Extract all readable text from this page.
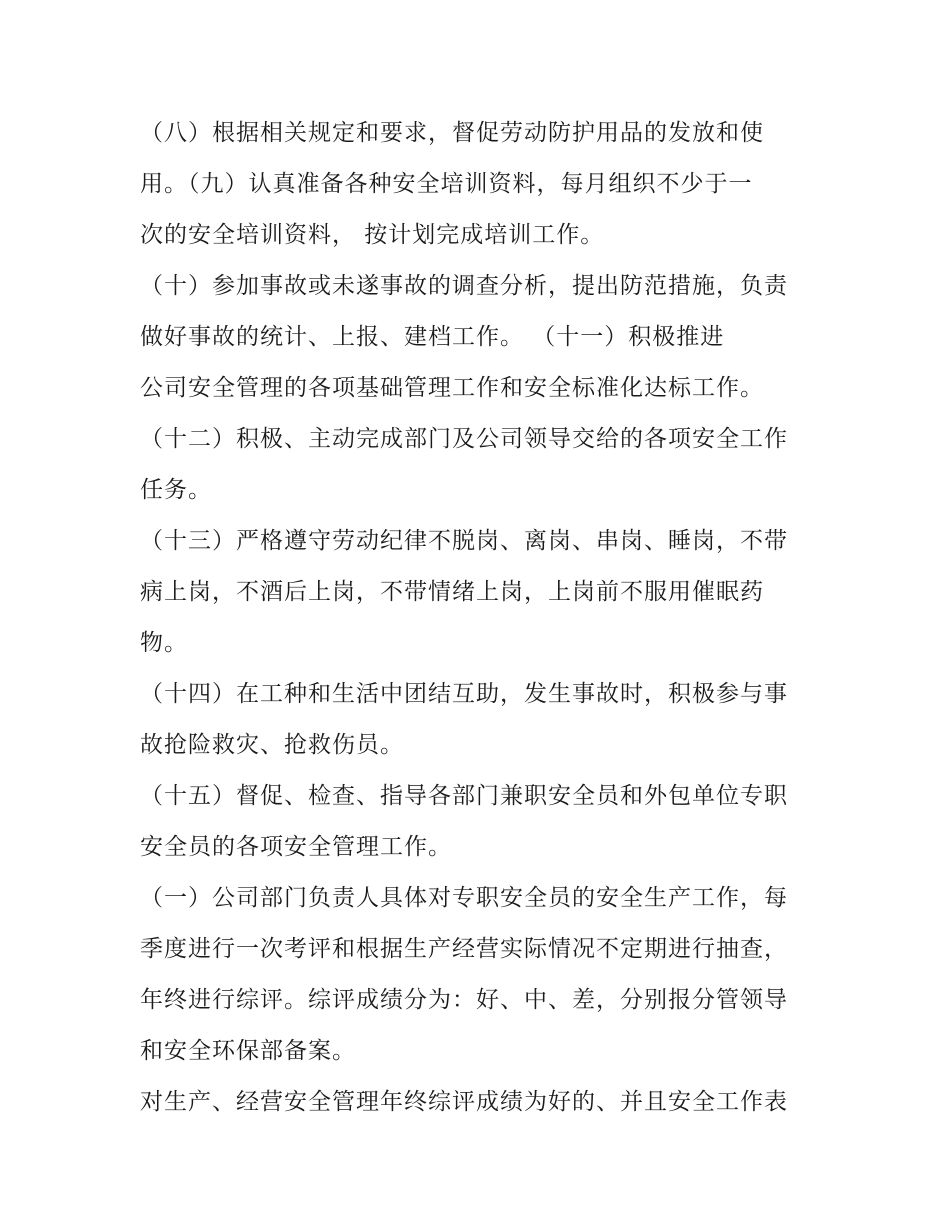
（八）根据相关规定和要求，督促劳动防护用品的发放和使
用。（九）认真准备各种安全培训资料，每月组织不少于一
次的安全培训资料， 按计划完成培训工作。
（十）参加事故或未遂事故的调查分析，提出防范措施，负责
做好事故的统计、上报、建档工作。 （十一）积极推进
公司安全管理的各项基础管理工作和安全标准化达标工作。
（十二）积极、主动完成部门及公司领导交给的各项安全工作
任务。
（十三）严格遵守劳动纪律不脱岗、离岗、串岗、睡岗，不带
病上岗，不酒后上岗，不带情绪上岗，上岗前不服用催眠药
物。
（十四）在工种和生活中团结互助，发生事故时，积极参与事
故抢险救灾、抢救伤员。
（十五）督促、检查、指导各部门兼职安全员和外包单位专职
安全员的各项安全管理工作。
（一）公司部门负责人具体对专职安全员的安全生产工作，每
季度进行一次考评和根据生产经营实际情况不定期进行抽查，
年终进行综评。综评成绩分为：好、中、差，分别报分管领导
和安全环保部备案。
对生产、经营安全管理年终综评成绩为好的、并且安全工作表
